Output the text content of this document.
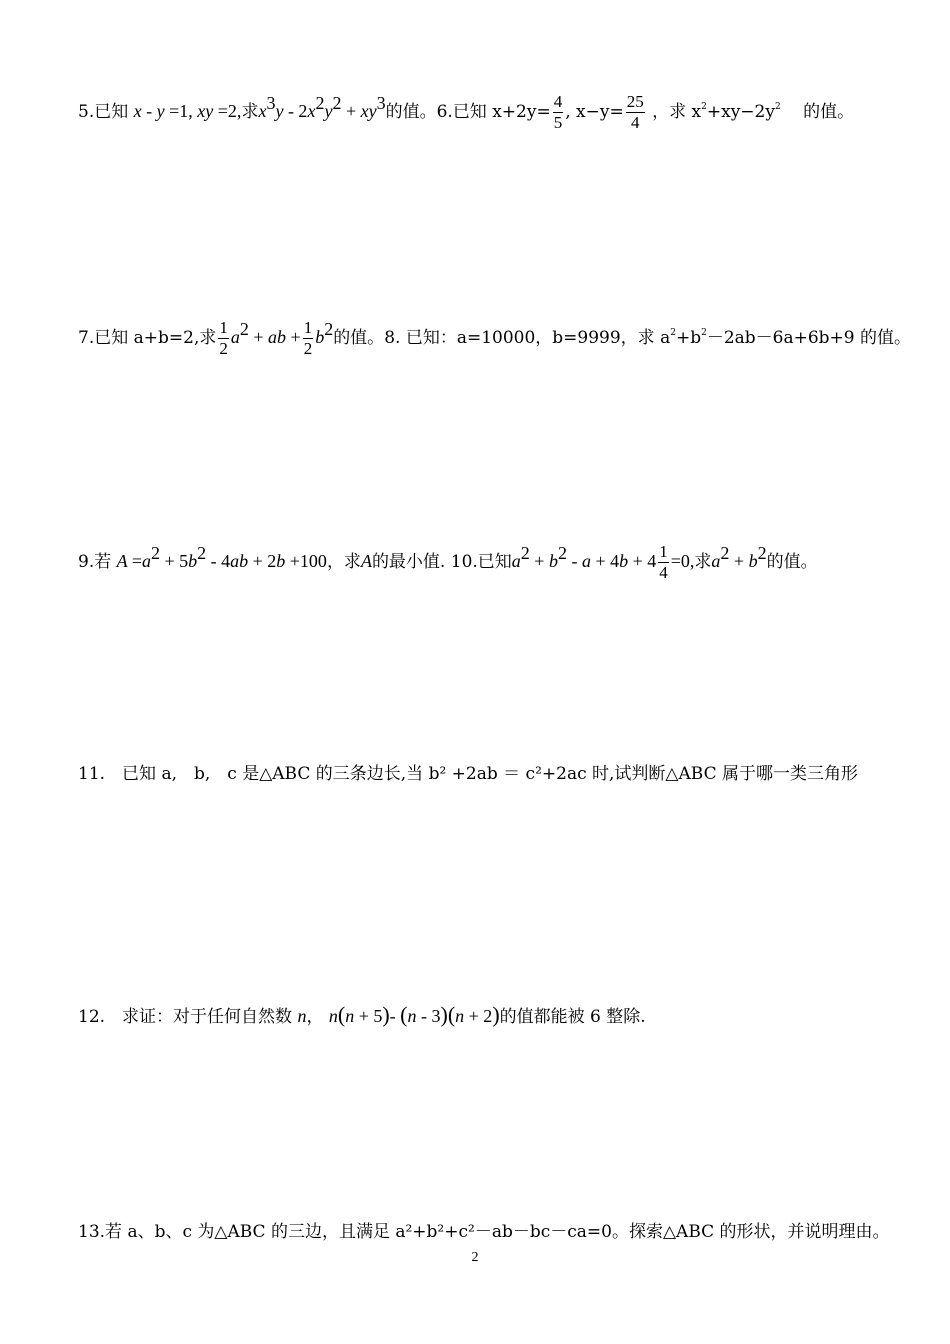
5.已知 x - y =1, xy =2,求$x^3y - 2x^2y^2 + xy^3$的值。6.已知 $x+2y= \frac{4}{5}$ , $x-y= \frac{25}{4}$ ，求 $x^2+xy-2y^2$ 　的值。
7.已知 a+b=2,求 $\frac{1}{2} a^2$ + ab + $\frac{1}{2} b^2$的值。8. 已知：a=10000，b=9999，求 $a^2+b^2-2ab-6a+6b+9$ 的值。
9.若 $A =a^2 + 5b^2 - 4ab + 2b +100$，求A的最小值. 10.已知$a^2 + b^2 - a + 4b + 4 \frac{1}{4} =0$,求$a^2 + b^2$的值。
11.　已知 a,　b,　c 是△ABC 的三条边长,当 b² +2ab ＝ c²+2ac 时,试判断△ABC 属于哪一类三角形
12.　求证：对于任何自然数 n， n(n + 5)- (n - 3)(n + 2)的值都能被 6 整除.
13.若 a、b、c 为△ABC 的三边，且满足 a²+b²+c²－ab－bc－ca=0。探索△ABC 的形状，并说明理由。
2
